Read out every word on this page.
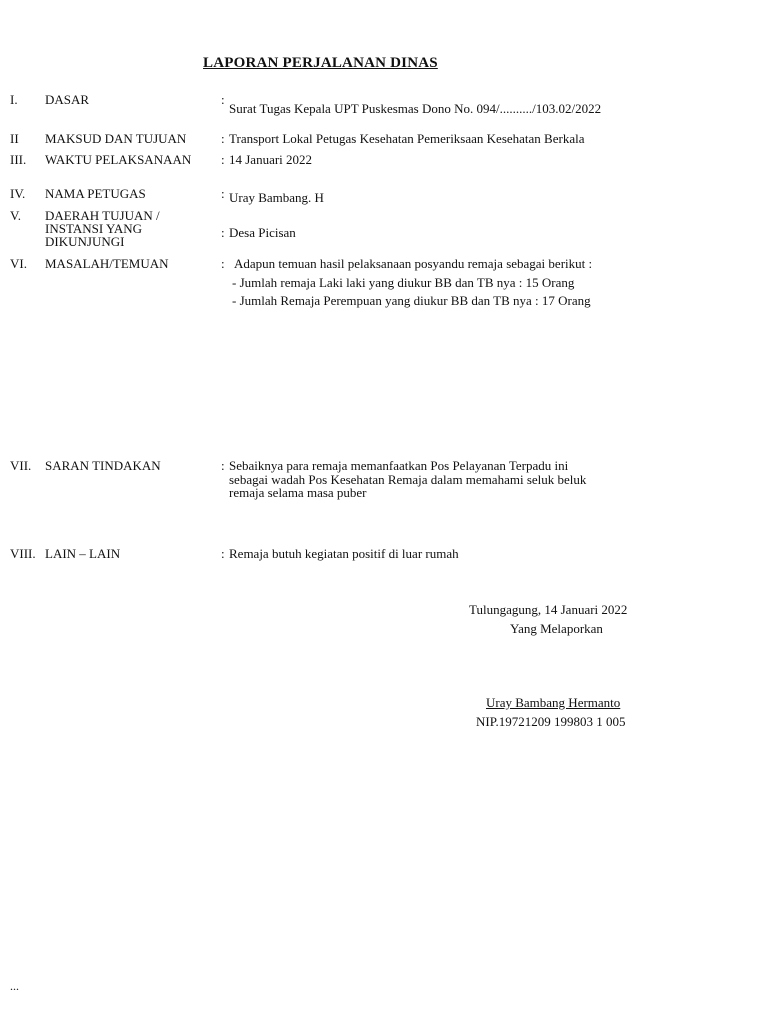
LAPORAN PERJALANAN DINAS
I. DASAR	:
Surat Tugas Kepala UPT Puskesmas Dono No. 094/........../103.02/2022
II MAKSUD DAN TUJUAN	: Transport Lokal Petugas Kesehatan Pemeriksaan Kesehatan Berkala
III. WAKTU PELAKSANAAN : 14 Januari 2022
IV. NAMA PETUGAS	: Uray Bambang. H
V. DAERAH TUJUAN /
INSTANSI YANG
DIKUNJUNGI
: Desa Picisan
VI. MASALAH/TEMUAN	: Adapun temuan hasil pelaksanaan posyandu remaja sebagai berikut :
- Jumlah remaja Laki laki yang diukur BB dan TB nya : 15 Orang
- Jumlah Remaja Perempuan yang diukur BB dan TB nya : 17 Orang
VII. SARAN TINDAKAN	: Sebaiknya para remaja memanfaatkan Pos Pelayanan Terpadu ini
sebagai wadah Pos Kesehatan Remaja dalam memahami seluk beluk
remaja selama masa puber
VIII. LAIN – LAIN	: Remaja butuh kegiatan positif di luar rumah
Tulungagung, 14 Januari 2022
Yang Melaporkan
Uray Bambang Hermanto
NIP.19721209 199803 1 005
...
